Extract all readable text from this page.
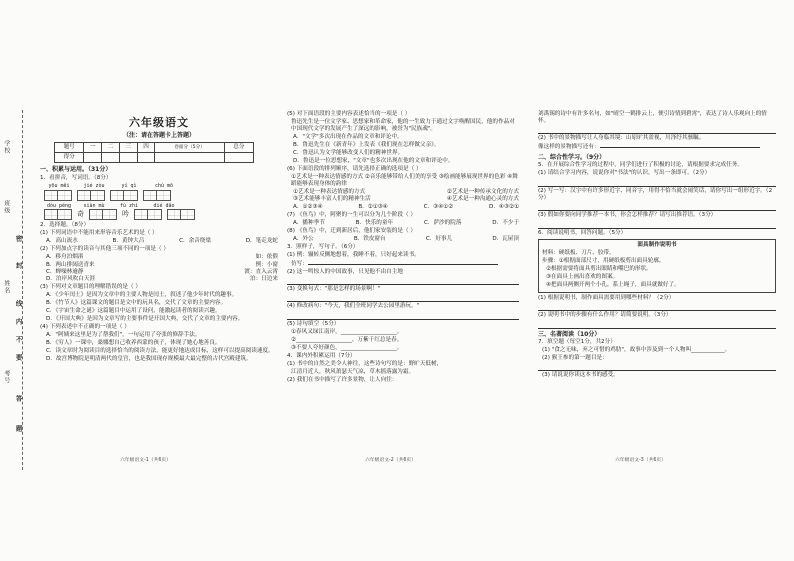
学校
班级
姓名
考号
密
封
线
内
不
要
答
题
六年级语文
（注：请在答题卡上答题）
题号	一	二	三	四	卷面分（5分）	总分
得分						
一、积累与运用。（31分）

1．看拼音，写词语。（8分）

yōu měi	jié zòu	yí qì	chù mō
dòu péng	xiàn mù	fù zhí	dié dǎo
奇	吟

2．选择题。（8分）

(1) 下列词语中不能用来形容音乐艺术的是（ ）

A．高山流水	B．黄钟大吕	C．余音绕梁	D．笔走龙蛇

(2) 下列加点字的读音与其他三项不同的一项是（ ）

A．移舟泊烟渚	如：依偎
B．两山排闼送青来	例：小窗
C．蝉噪林逾静	渡：直入云霄
D．泊岸风吹白天涯	泊：日边来

(3) 下列对文章题目的理解错误的是（ ）

A．《少年闰土》是因为文章中的主要人物是闰土，叙述了他少年时代的趣事。

B．《竹节人》这篇课文的题目是文中的玩具名，交代了文章的主要内容。

C．《宇宙生命之谜》这篇题目中运用了设问，能激起读者的阅读兴趣。

D．《开国大典》是因为文章写的主要事件是开国大典，交代了文章的主要内容。

(4) 下列表述中不正确的一项是（ ）

A．"阿姨来这里是为了帮我们"，一句运用了夸张的修辞手法。

B．《穷人》一课中，桑娜想自己收养西蒙的孩子，体现了她心地善良。

C．读文章时为阅读目的选择恰当的阅读方法，能更好地达成目标，这样可以提高阅读速度。

D．故宫博物院是明清两代的皇宫，也是我国现存规模最大最完整的古代宫殿建筑。

(5) 对下面语段的主要内容表述恰当的一项是（ ）

鲁迅先生是一位文学家、思想家和革命家，他的一生致力于通过文字唤醒国民，他的作品对中国现代文学的发展产生了深远的影响，被誉为"民族魂"。

A．"文学"多次出现在作品的文章和评论中。

B．鲁迅先生在《新青年》上发表《我们现在怎样做父亲》。

C．鲁迅认为文学能够改变人们的精神世界。

D．鲁迅是一位思想家，"文章"也多次出现在他的文章和评论中。

(6) 下面语段的排列顺序，请先选择正确的选项是（ ）

①艺术是一种表达情感的方式 ②音乐能够带给人们美的享受 ③绘画能够展现世界的色彩 ④舞蹈能够表现身体的韵律

①艺术是一种表达情感的方式	②艺术是一种传承文化的方式
③艺术能够丰富人们的精神生活	④艺术是一种沟通心灵的方式
A．①②③④	B．②①③④	C．③④①②	D．④③②①

(7) 《鱼鸟》中，阿聚的一生可以分为几个阶段（ ）

A．播种季节	B．快乐的童年	C．萨沙的院落	D．不少于

(8) 《鱼鸟》中，迁到新居后，他们家安装的是（ ）

A．外公	B．铁皮窗台	C．好事儿	D．瓦屋顶

3．照样子，写句子。（6分）

(1) 例：辗转反侧地想着，我睡不着，只好起来读书。

仿写：

(2) 这一鸣惊人的中国故事，只见他不由自主地

(3) 变换句式："那是怎样的场景啊！"

(4) 修改病句："今天，我们全班同学去公园里游玩。"

(5) 诗句填空（5分）

①春风又绿江南岸，____________________。

②____________________，万紫千红总是春。

③不要人夸好颜色，____________________。

4．课内外积累运用（7分）

(1) 书中的自然之美令人神往，这些诗句写的是：野旷天低树，

江清月近人，秋风萧瑟天气凉，草木摇落露为霜。

(2) 我们在书中描写了许多景物，让人向往：

刘禹锡的诗中有许多名句，如"晴空一鹤排云上，便引诗情到碧霄"，表达了诗人乐观向上的情怀。

(2) 书中的景物描写让人身临其境：山原旷其盈视，川泽纡其骇瞩。

像这样的景物描写还有：

二、综合性学习。（9分）

5．在开展综合性学习的过程中，同学们进行了积极的讨论，请根据要求完成任务。

(1) 请结合学习内容，说说你对"书法"的认识，写出一条即可。（2分）

(2) 写一写：汉字中有许多形近字、同音字，用得不恰当就会闹笑话，请你写出一组形近字。（2分）

(3) 假如你要向同学推荐一本书，你会怎样推荐？请写出推荐语。（3分）

6．阅读说明书，回答问题。（5分）

面具制作说明书

材料：硬纸板、刀片、胶带。

步骤：①根据面部尺寸，用硬纸板剪出面具轮廓。

②根据需要将面具剪出眼睛和嘴巴的形状。

③在面具上画出喜欢的图案。

④把面具两侧开两个小孔，系上绳子，面具就做好了。

(1) 根据说明书，制作面具需要用到哪些材料？（2分）

(2) 说明书中的步骤有什么作用？请简要说明。（3分）

三、名著阅读（10分）

7．填空题（每空1分，共2分）

(1) "食之无味，弃之可惜的鸡肋"，故事中涉及到一个人物叫____________。

(2) 猴王参的第一题目是：

(3) 请说说你读这本书的感受。

六年级语文-1（共6页）	六年级语文-2（共6页）	六年级语文-3（共6页）
